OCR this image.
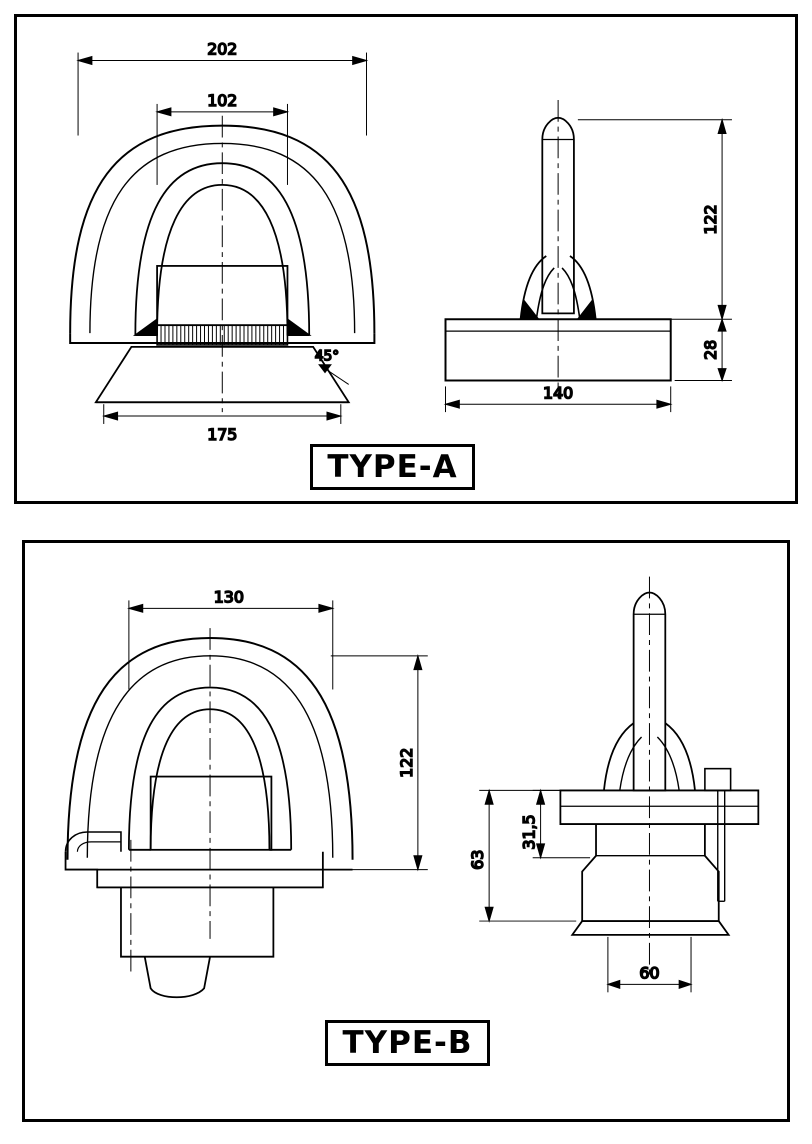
202
102
175
45°
122
28
140
TYPE-A
130
122
63
31,5
60
TYPE-B
